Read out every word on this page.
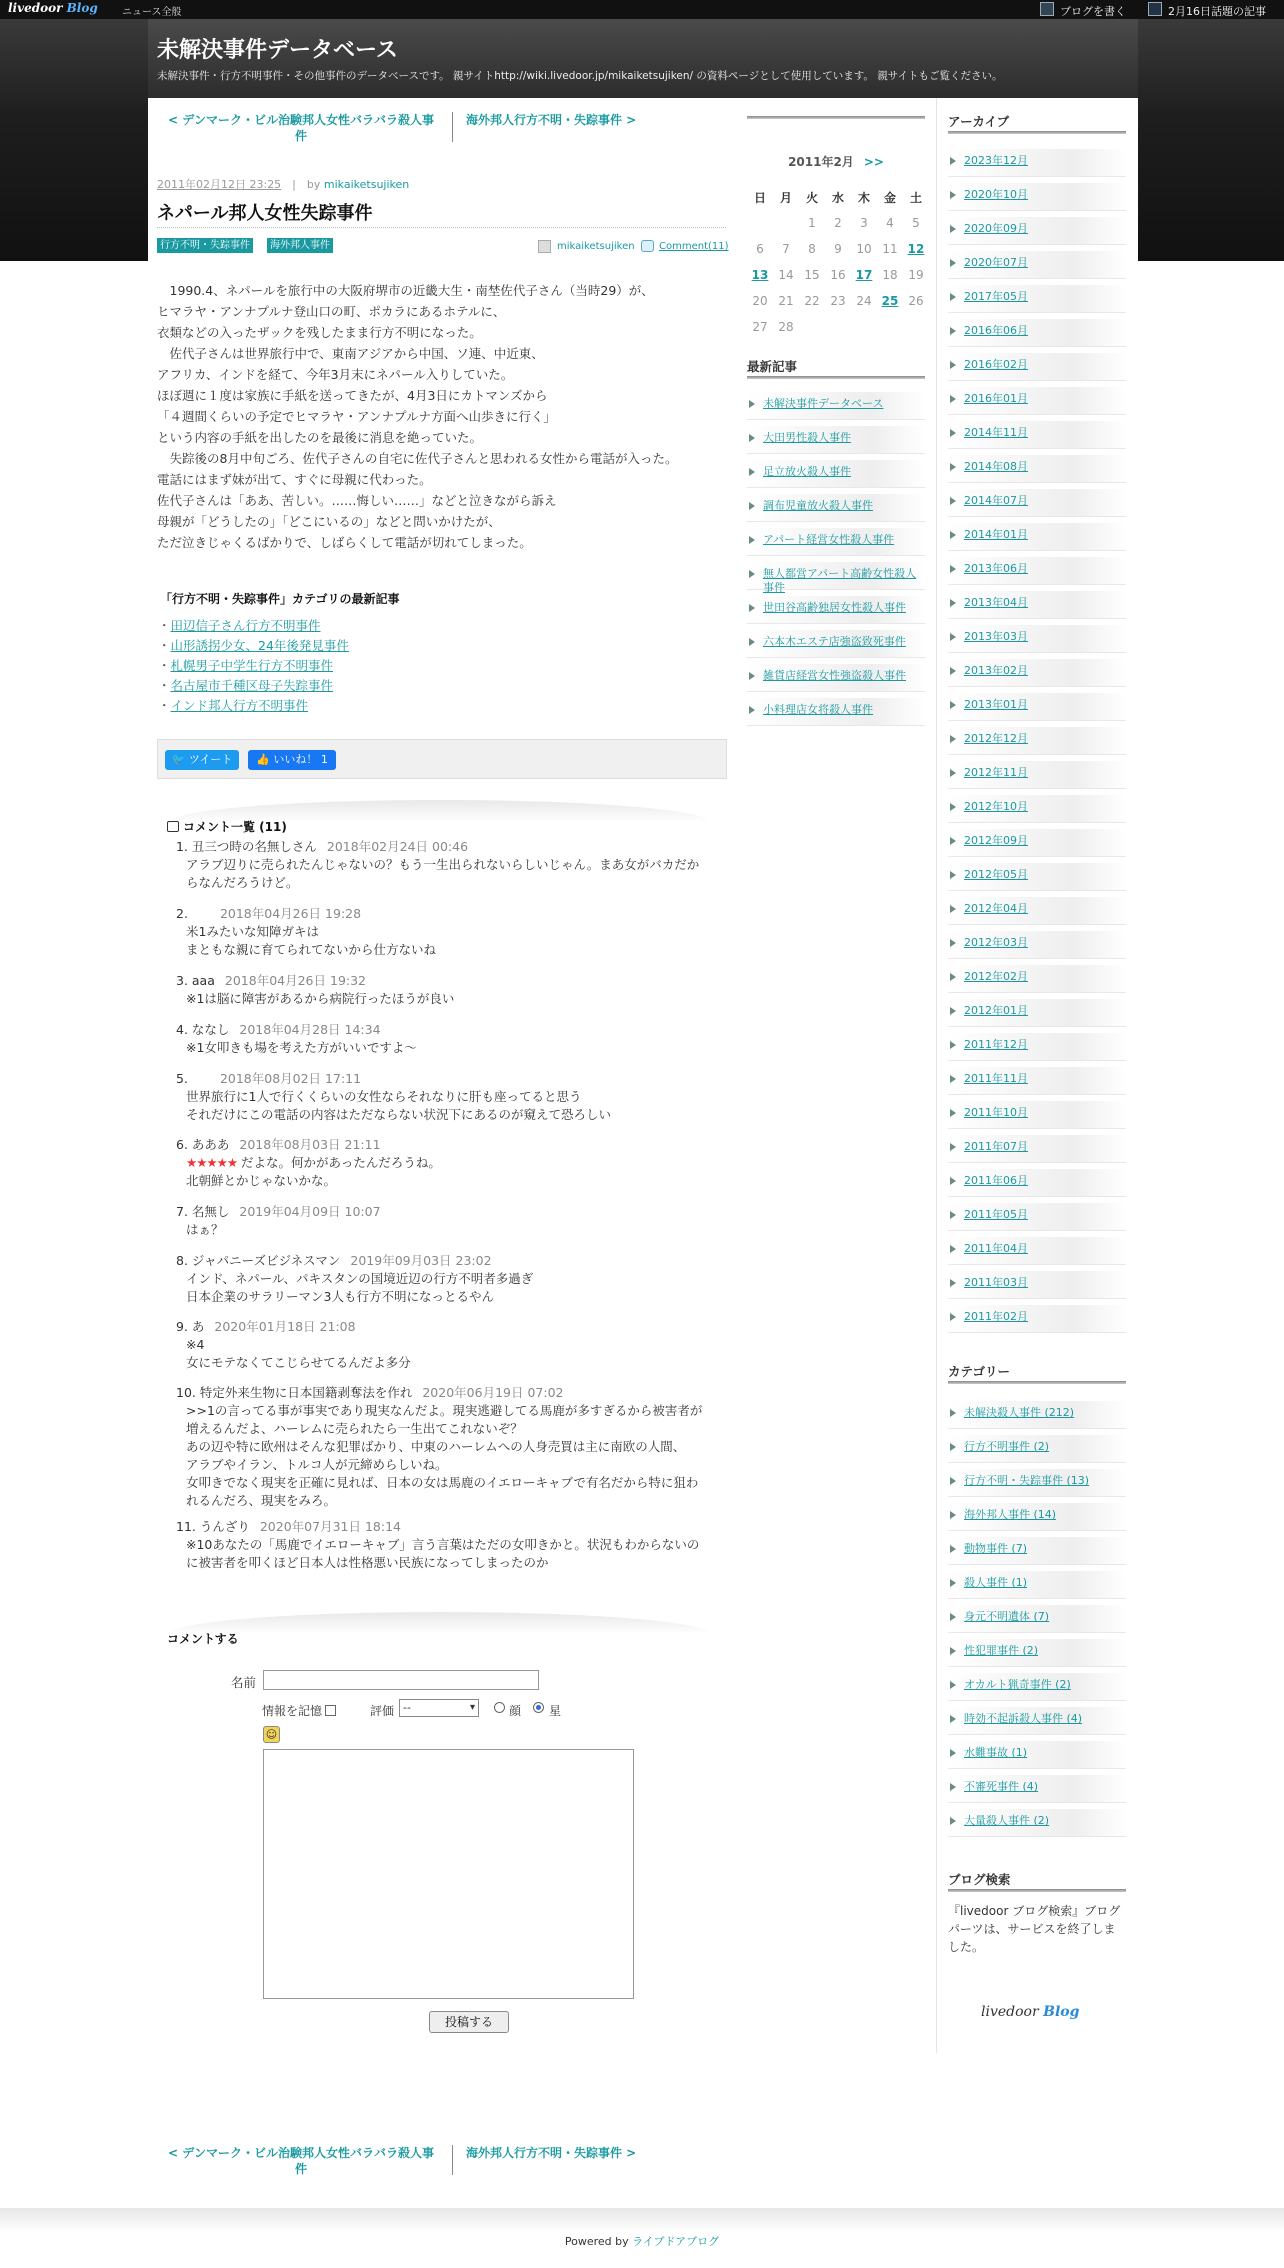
livedoor Blog	ニュース全般	ブログを書く	2月16日話題の記事
未解決事件データベース
未解決事件・行方不明事件・その他事件のデータベースです。 親サイトhttp://wiki.livedoor.jp/mikaiketsujiken/ の資料ページとして使用しています。 親サイトもご覧ください。
< デンマーク・ビル治験邦人女性バラバラ殺人事件
海外邦人行方不明・失踪事件 >
2011年02月12日 23:25　|　by mikaiketsujiken
ネパール邦人女性失踪事件
行方不明・失踪事件	海外邦人事件	mikaiketsujiken Comment(11)

　1990.4、ネパールを旅行中の大阪府堺市の近畿大生・南埜佐代子さん（当時29）が、

ヒマラヤ・アンナプルナ登山口の町、ポカラにあるホテルに、

衣類などの入ったザックを残したまま行方不明になった。

　佐代子さんは世界旅行中で、東南アジアから中国、ソ連、中近東、

アフリカ、インドを経て、今年3月末にネパール入りしていた。

ほぼ週に１度は家族に手紙を送ってきたが、4月3日にカトマンズから

「４週間くらいの予定でヒマラヤ・アンナプルナ方面へ山歩きに行く」

という内容の手紙を出したのを最後に消息を絶っていた。

　失踪後の8月中旬ごろ、佐代子さんの自宅に佐代子さんと思われる女性から電話が入った。

電話にはまず妹が出て、すぐに母親に代わった。

佐代子さんは「ああ、苦しい。……悔しい……」などと泣きながら訴え

母親が「どうしたの」「どこにいるの」などと問いかけたが、

ただ泣きじゃくるばかりで、しばらくして電話が切れてしまった。

「行方不明・失踪事件」カテゴリの最新記事
・ 田辺信子さん行方不明事件
・ 山形誘拐少女、24年後発見事件
・ 札幌男子中学生行方不明事件
・ 名古屋市千種区母子失踪事件
・ インド邦人行方不明事件
🐦 ツイート	👍 いいね！ 1
コメント一覧 (11)
1. 丑三つ時の名無しさん 2018年02月24日 00:46
アラブ辺りに売られたんじゃないの？もう一生出られないらしいじゃん。まあ女がバカだか
らなんだろうけど。
2.	2018年04月26日 19:28
米1みたいな知障ガキは
まともな親に育てられてないから仕方ないね
3. aaa 2018年04月26日 19:32
※1は脳に障害があるから病院行ったほうが良い
4. ななし 2018年04月28日 14:34
※1女叩きも場を考えた方がいいですよ～
5.	2018年08月02日 17:11
世界旅行に1人で行くくらいの女性ならそれなりに肝も座ってると思う
それだけにこの電話の内容はただならない状況下にあるのが窺えて恐ろしい
6. あああ 2018年08月03日 21:11
★★★★★ だよな。何かがあったんだろうね。
北朝鮮とかじゃないかな。
7. 名無し 2019年04月09日 10:07
はぁ？
8. ジャパニーズビジネスマン 2019年09月03日 23:02
インド、ネパール、パキスタンの国境近辺の行方不明者多過ぎ
日本企業のサラリーマン3人も行方不明になっとるやん
9. あ 2020年01月18日 21:08
※4
女にモテなくてこじらせてるんだよ多分
10. 特定外来生物に日本国籍剥奪法を作れ 2020年06月19日 07:02
>>1の言ってる事が事実であり現実なんだよ。現実逃避してる馬鹿が多すぎるから被害者が
増えるんだよ、ハーレムに売られたら一生出てこれないぞ？
あの辺や特に欧州はそんな犯罪ばかり、中東のハーレムへの人身売買は主に南欧の人間、
アラブやイラン、トルコ人が元締めらしいね。
女叩きでなく現実を正確に見れば、日本の女は馬鹿のイエローキャブで有名だから特に狙わ
れるんだろ、現実をみろ。
11. うんざり 2020年07月31日 18:14
※10あなたの「馬鹿でイエローキャブ」言う言葉はただの女叩きかと。状況もわからないの
に被害者を叩くほど日本人は性格悪い民族になってしまったのか
コメントする
名前
情報を記憶	評価 -- ▾	顔 星
☺
投稿する
< デンマーク・ビル治験邦人女性バラバラ殺人事件
海外邦人行方不明・失踪事件 >
2011年2月 >>
日	月	火	水	木	金	土
		1	2	3	4	5
6	7	8	9	10	11	12
13	14	15	16	17	18	19
20	21	22	23	24	25	26
27	28					
最新記事
未解決事件データベース
大田男性殺人事件
足立放火殺人事件
調布児童放火殺人事件
アパート経営女性殺人事件
無人都営アパート高齢女性殺人事件
世田谷高齢独居女性殺人事件
六本木エステ店強盗致死事件
雑貨店経営女性強盗殺人事件
小料理店女将殺人事件
アーカイブ
2023年12月
2020年10月
2020年09月
2020年07月
2017年05月
2016年06月
2016年02月
2016年01月
2014年11月
2014年08月
2014年07月
2014年01月
2013年06月
2013年04月
2013年03月
2013年02月
2013年01月
2012年12月
2012年11月
2012年10月
2012年09月
2012年05月
2012年04月
2012年03月
2012年02月
2012年01月
2011年12月
2011年11月
2011年10月
2011年07月
2011年06月
2011年05月
2011年04月
2011年03月
2011年02月
カテゴリー
未解決殺人事件 (212)
行方不明事件 (2)
行方不明・失踪事件 (13)
海外邦人事件 (14)
動物事件 (7)
殺人事件 (1)
身元不明遺体 (7)
性犯罪事件 (2)
オカルト猟奇事件 (2)
時効不起訴殺人事件 (4)
水難事故 (1)
不審死事件 (4)
大量殺人事件 (2)
ブログ検索
『livedoor ブログ検索』ブログパーツは、サービスを終了しました。
livedoor Blog
Powered by ライブドアブログ
